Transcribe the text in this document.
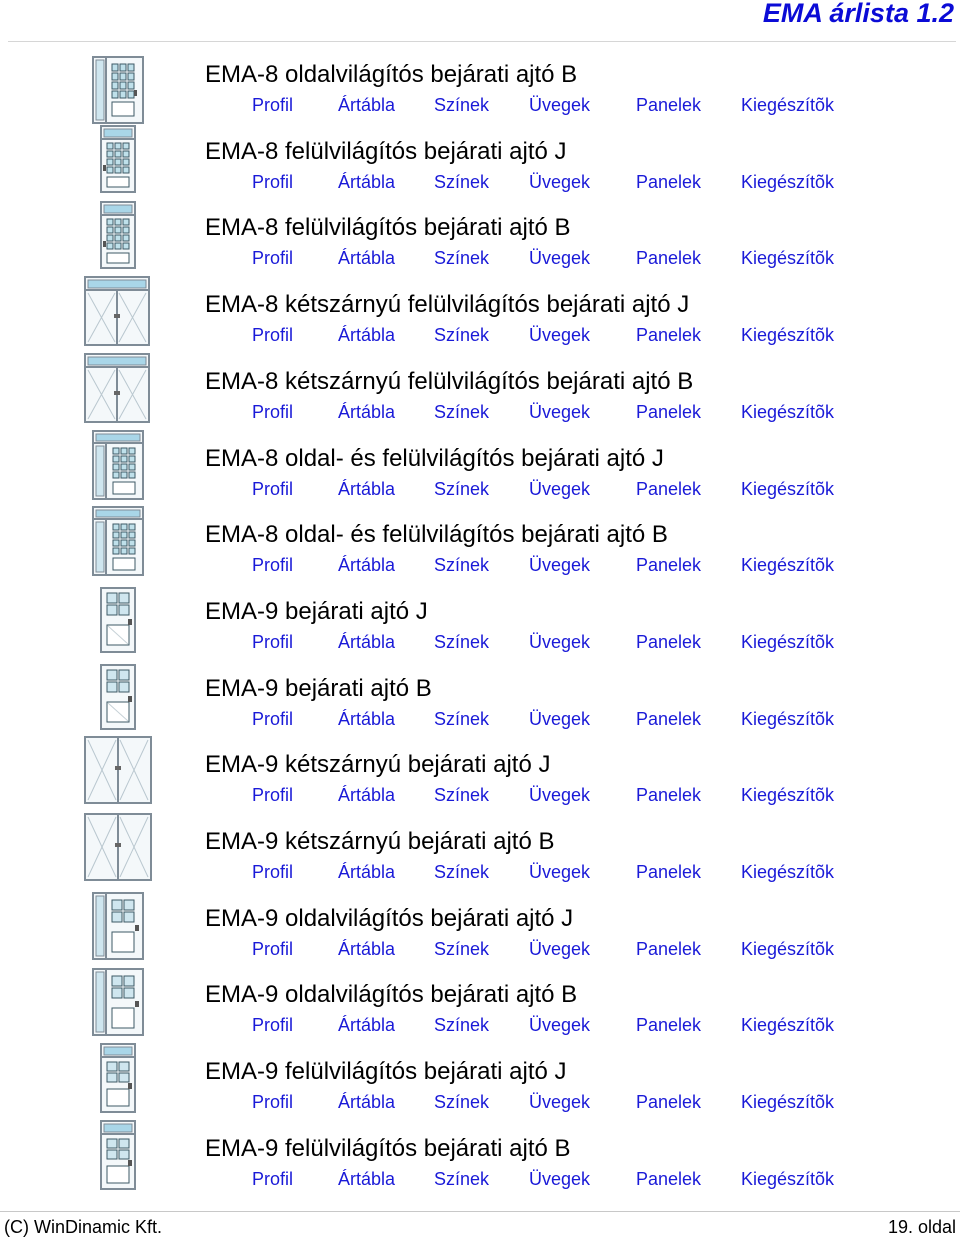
EMA árlista 1.2
EMA-8 oldalvilágítós bejárati ajtó B
Profil Ártábla Színek Üvegek	Panelek Kiegészítõk
EMA-8 felülvilágítós bejárati ajtó J
Profil Ártábla Színek Üvegek	Panelek Kiegészítõk
EMA-8 felülvilágítós bejárati ajtó B
Profil Ártábla Színek Üvegek	Panelek Kiegészítõk
EMA-8 kétszárnyú felülvilágítós bejárati ajtó J
Profil Ártábla Színek Üvegek	Panelek Kiegészítõk
EMA-8 kétszárnyú felülvilágítós bejárati ajtó B
Profil Ártábla Színek Üvegek	Panelek Kiegészítõk
EMA-8 oldal- és felülvilágítós bejárati ajtó J
Profil Ártábla Színek Üvegek	Panelek Kiegészítõk
EMA-8 oldal- és felülvilágítós bejárati ajtó B
Profil Ártábla Színek Üvegek	Panelek Kiegészítõk
EMA-9 bejárati ajtó J
Profil Ártábla Színek Üvegek	Panelek Kiegészítõk
EMA-9 bejárati ajtó B
Profil Ártábla Színek Üvegek	Panelek Kiegészítõk
EMA-9 kétszárnyú bejárati ajtó J
Profil Ártábla Színek Üvegek	Panelek Kiegészítõk
EMA-9 kétszárnyú bejárati ajtó B
Profil Ártábla Színek Üvegek	Panelek Kiegészítõk
EMA-9 oldalvilágítós bejárati ajtó J
Profil Ártábla Színek Üvegek	Panelek Kiegészítõk
EMA-9 oldalvilágítós bejárati ajtó B
Profil Ártábla Színek Üvegek	Panelek Kiegészítõk
EMA-9 felülvilágítós bejárati ajtó J
Profil Ártábla Színek Üvegek	Panelek Kiegészítõk
EMA-9 felülvilágítós bejárati ajtó B
Profil Ártábla Színek Üvegek	Panelek Kiegészítõk
(C) WinDinamic Kft.	19. oldal
